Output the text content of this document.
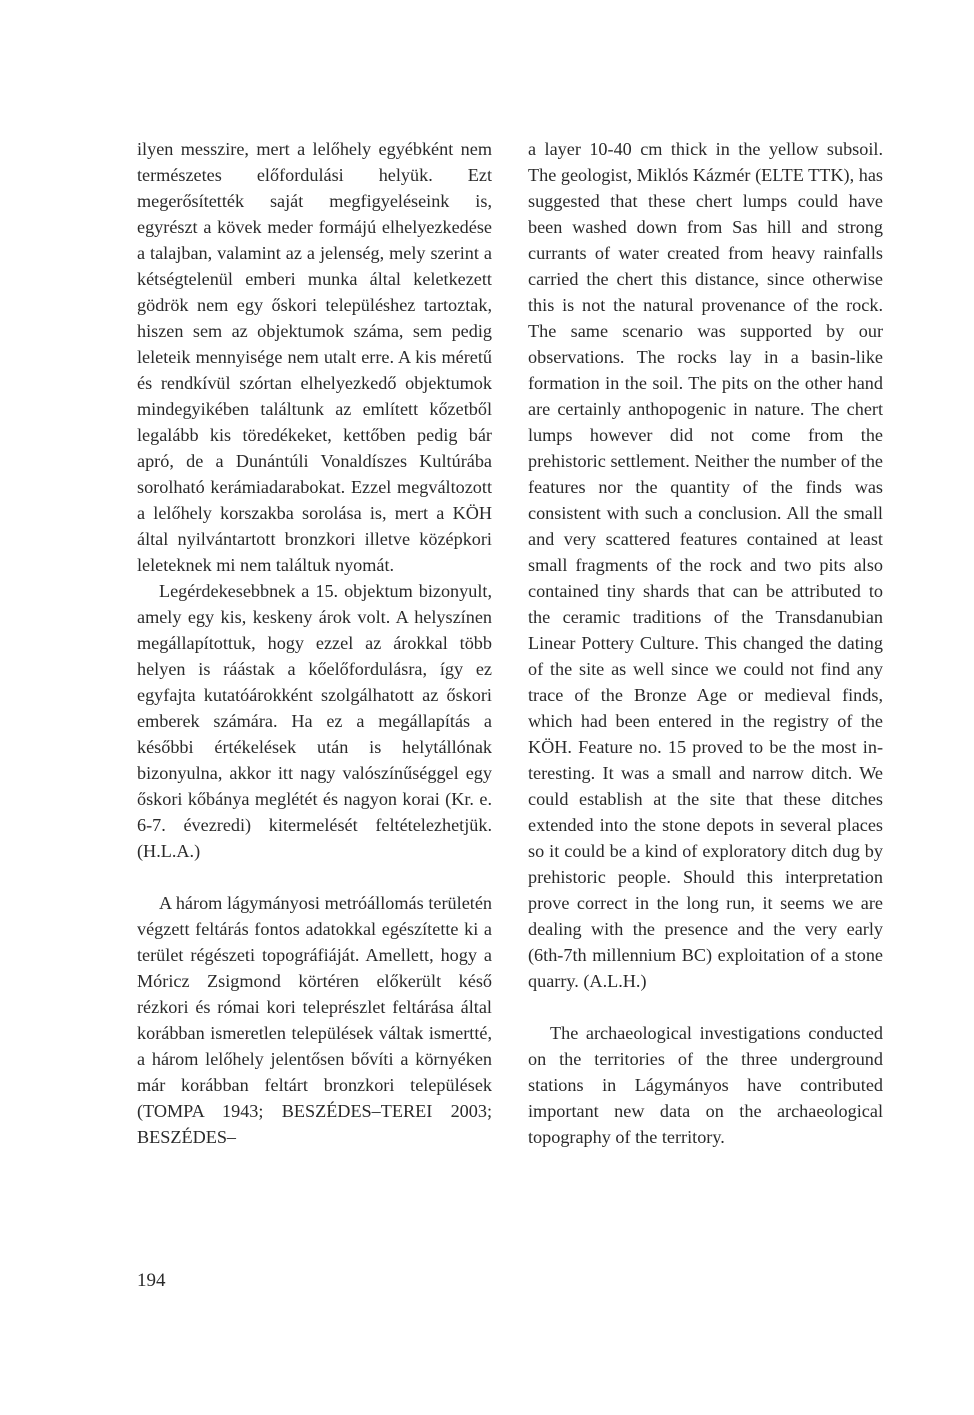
ilyen messzire, mert a lelőhely egyébként nem természetes előfordulási helyük. Ezt megerősítették saját megfigyeléseink is, egyrészt a kövek meder formájú elhelyezkedése a talajban, valamint az a jelenség, mely szerint a kétségtelenül emberi munka által keletkezett gödrök nem egy őskori településhez tartoztak, hiszen sem az objektumok száma, sem pedig leleteik mennyisége nem utalt erre. A kis méretű és rendkívül szórtan elhelyezkedő objektumok mindegyikében találtunk az említett kőzetből legalább kis töredékeket, kettőben pedig bár apró, de a Dunántúli Vonaldíszes Kultúrába sorolható kerámiadarabokat. Ezzel megváltozott a lelőhely korszakba sorolása is, mert a KÖH által nyilvántartott bronzkori illetve középkori leleteknek mi nem találtuk nyomát.

Legérdekesebbnek a 15. objektum bizonyult, amely egy kis, keskeny árok volt. A helyszínen megállapítottuk, hogy ezzel az árokkal több helyen is ráástak a kőelőfordulásra, így ez egyfajta kutatóárokként szolgálhatott az őskori emberek számára. Ha ez a megállapítás a későbbi értékelések után is helytállónak bizonyulna, akkor itt nagy valószínűséggel egy őskori kőbánya meglétét és nagyon korai (Kr. e. 6-7. évezredi) kitermelését feltételezhetjük. (H.L.A.)

A három lágymányosi metróállomás területén végzett feltárás fontos adatokkal egészítette ki a terület régészeti topográfiáját. Amellett, hogy a Móricz Zsigmond körtéren előkerült késő rézkori és római kori teleprészlet feltárása által korábban ismeretlen települések váltak ismertté, a három lelőhely jelentősen bővíti a környéken már korábban feltárt bronzkori települések (TOMPA 1943; BESZÉDES–TEREI 2003; BESZÉDES–

a layer 10-40 cm thick in the yellow subsoil. The geologist, Miklós Kázmér (ELTE TTK), has suggested that these chert lumps could have been washed down from Sas hill and strong currants of water created from heavy rainfalls carried the chert this distance, since otherwise this is not the natural provenance of the rock. The same scenario was supported by our observations. The rocks lay in a basin-like formation in the soil. The pits on the other hand are certainly anthopogenic in nature. The chert lumps however did not come from the prehistoric settlement. Neither the number of the features nor the quantity of the finds was consistent with such a conclusion. All the small and very scattered features contained at least small fragments of the rock and two pits also contained tiny shards that can be attributed to the ceramic traditions of the Transdanubian Linear Pottery Culture. This changed the dating of the site as well since we could not find any trace of the Bronze Age or medieval finds, which had been entered in the registry of the KÖH. Feature no. 15 proved to be the most interesting. It was a small and narrow ditch. We could establish at the site that these ditches extended into the stone depots in several places so it could be a kind of exploratory ditch dug by prehistoric people. Should this interpretation prove correct in the long run, it seems we are dealing with the presence and the very early (6th-7th millennium BC) exploitation of a stone quarry. (A.L.H.)

The archaeological investigations conducted on the territories of the three underground stations in Lágymányos have contributed important new data on the archaeological topography of the territory.

194
